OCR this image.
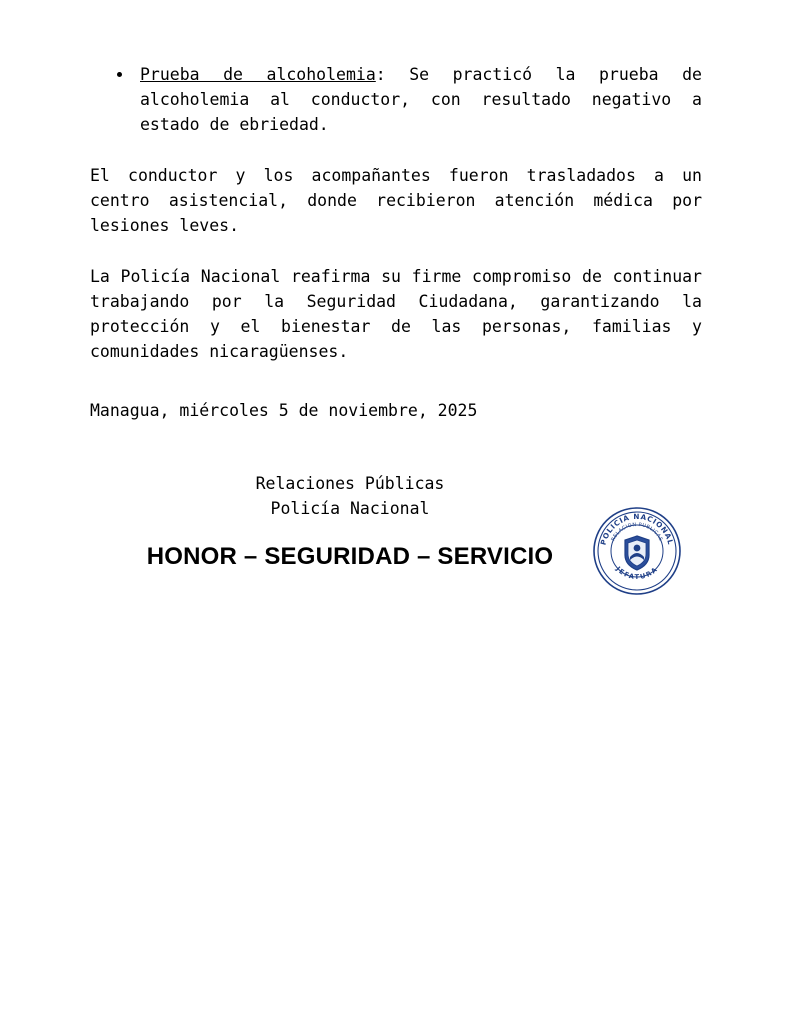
Prueba de alcoholemia: Se practicó la prueba de alcoholemia al conductor, con resultado negativo a estado de ebriedad.
El conductor y los acompañantes fueron trasladados a un centro asistencial, donde recibieron atención médica por lesiones leves.
La Policía Nacional reafirma su firme compromiso de continuar trabajando por la Seguridad Ciudadana, garantizando la protección y el bienestar de las personas, familias y comunidades nicaragüenses.
Managua, miércoles 5 de noviembre, 2025
Relaciones Públicas
Policía Nacional
HONOR – SEGURIDAD – SERVICIO
POLICIA NACIONAL
RELACION PUBLICAS
JEFATURA
